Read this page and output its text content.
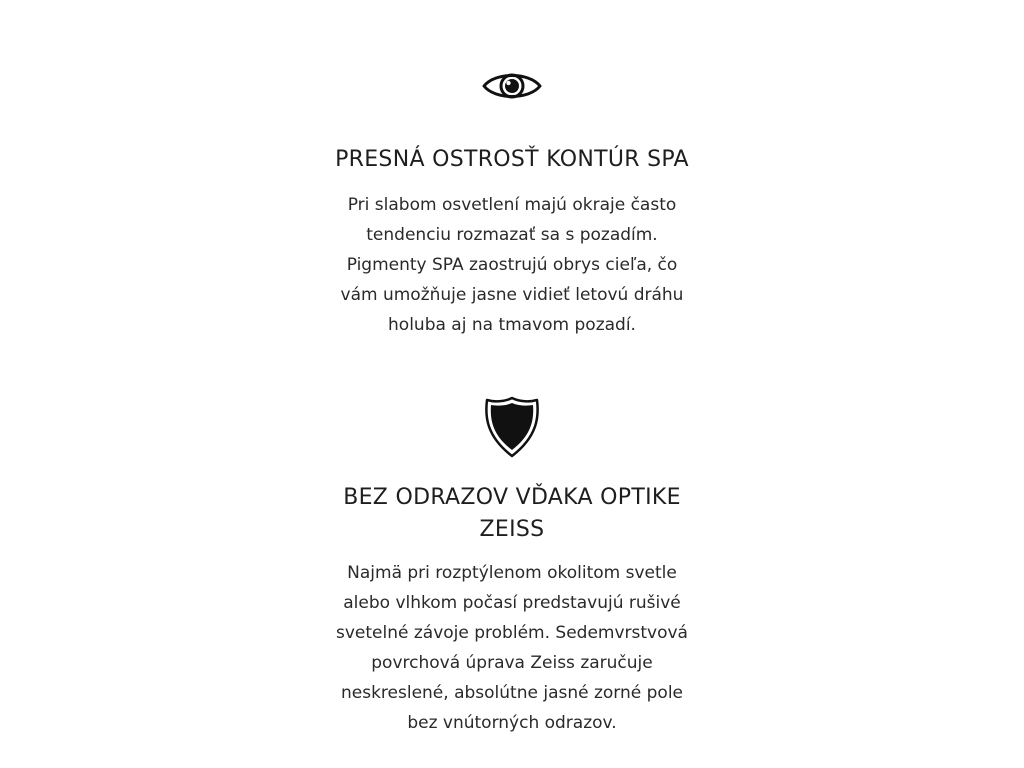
PRESNÁ OSTROSŤ KONTÚR SPA

Pri slabom osvetlení majú okraje často tendenciu rozmazať sa s pozadím. Pigmenty SPA zaostrujú obrys cieľa, čo vám umožňuje jasne vidieť letovú dráhu holuba aj na tmavom pozadí.

BEZ ODRAZOV VĎAKA OPTIKE ZEISS

Najmä pri rozptýlenom okolitom svetle alebo vlhkom počasí predstavujú rušivé svetelné závoje problém. Sedemvrstvová povrchová úprava Zeiss zaručuje neskreslené, absolútne jasné zorné pole bez vnútorných odrazov.
